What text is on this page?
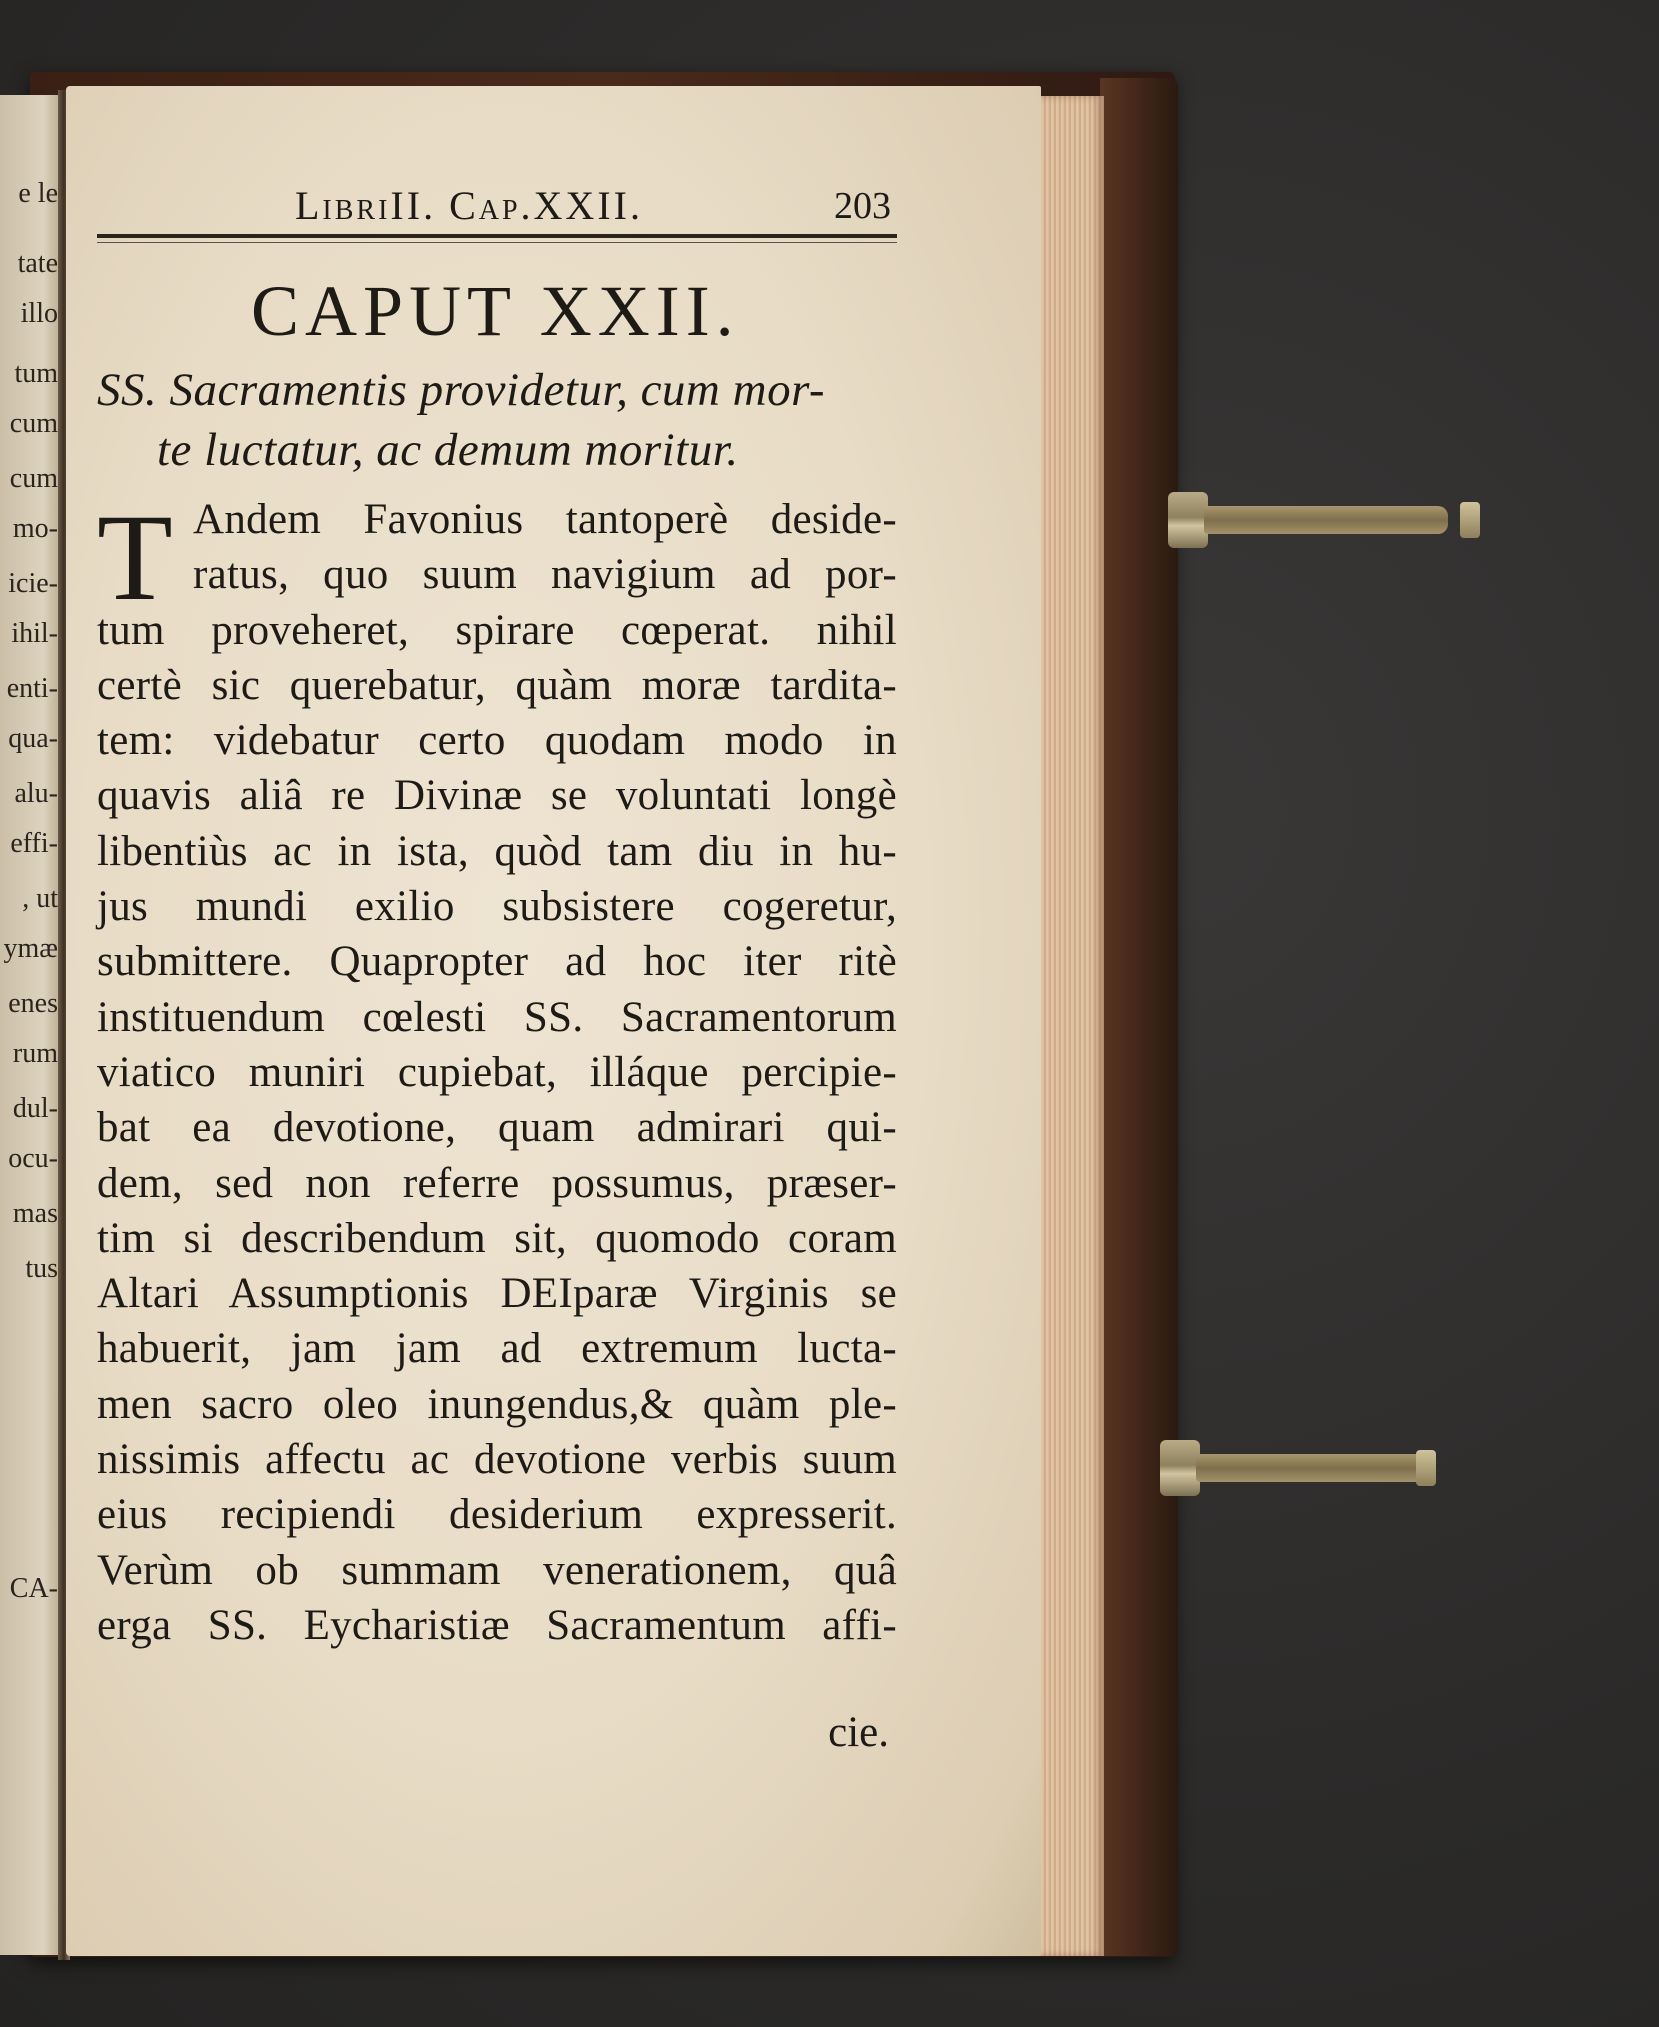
e le
tate
illo
tum
cum
cum
mo-
icie-
ihil-
enti-
qua-
alu-
effi-
, ut
ymæ
enes
rum
dul-
ocu-
mas
tus
CA-
LibriII. Cap.XXII.	203
CAPUT XXII.
SS. Sacramentis providetur, cum mor-
te luctatur, ac demum moritur.
T Andem Favonius tantoperè deside-
ratus, quo suum navigium ad por-
tum proveheret, spirare cœperat. nihil
certè sic querebatur, quàm moræ tardita-
tem: videbatur certo quodam modo in
quavis aliâ re Divinæ se voluntati longè
libentiùs ac in ista, quòd tam diu in hu-
jus mundi exilio subsistere cogeretur,
submittere. Quapropter ad hoc iter ritè
instituendum cœlesti SS. Sacramentorum
viatico muniri cupiebat, illáque percipie-
bat ea devotione, quam admirari qui-
dem, sed non referre possumus, præser-
tim si describendum sit, quomodo coram
Altari Assumptionis DEIparæ Virginis se
habuerit, jam jam ad extremum lucta-
men sacro oleo inungendus,& quàm ple-
nissimis affectu ac devotione verbis suum
eius recipiendi desiderium expresserit.
Verùm ob summam venerationem, quâ
erga SS. Eycharistiæ Sacramentum affi-
cie.
